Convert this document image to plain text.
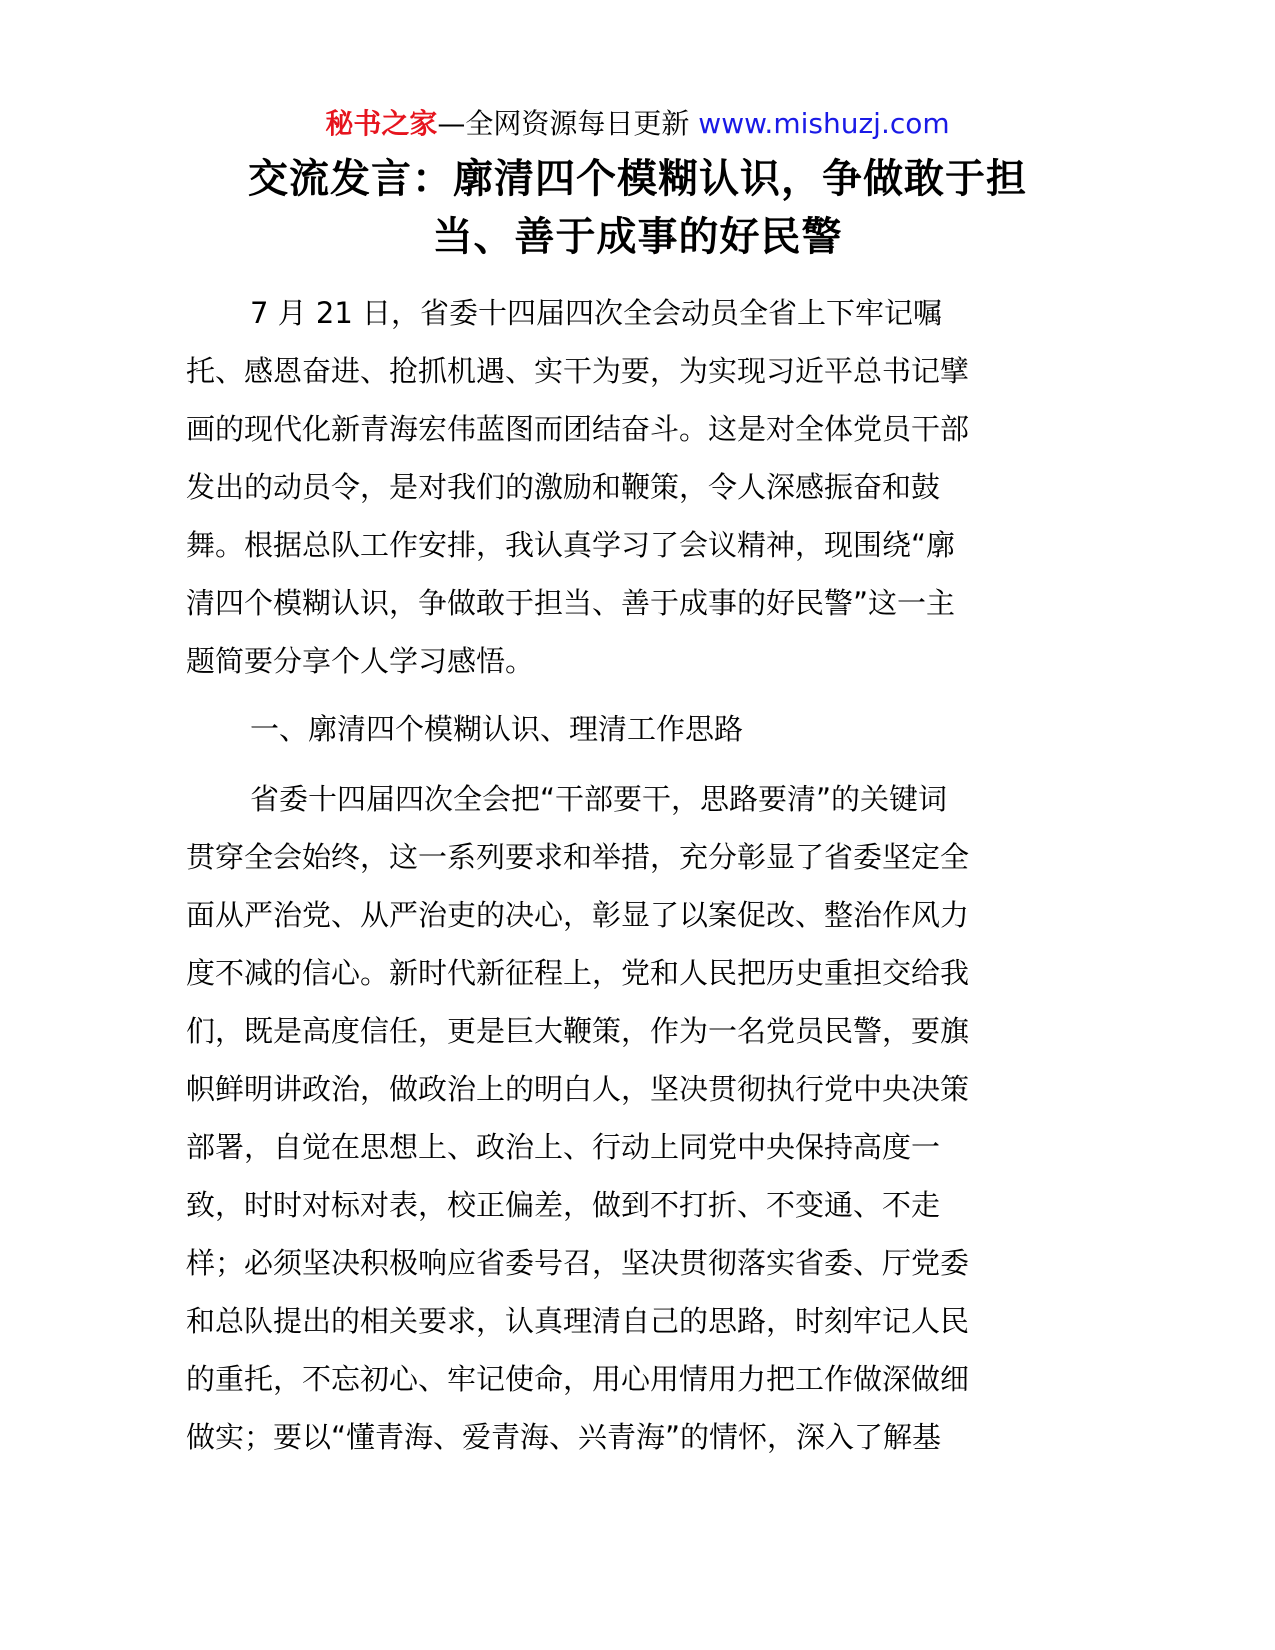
秘书之家—全网资源每日更新 www.mishuzj.com
交流发言：廓清四个模糊认识，争做敢于担
当、善于成事的好民警
7 月 21 日，省委十四届四次全会动员全省上下牢记嘱
托、感恩奋进、抢抓机遇、实干为要，为实现习近平总书记擘
画的现代化新青海宏伟蓝图而团结奋斗。这是对全体党员干部
发出的动员令，是对我们的激励和鞭策，令人深感振奋和鼓
舞。根据总队工作安排，我认真学习了会议精神，现围绕“廓
清四个模糊认识，争做敢于担当、善于成事的好民警”这一主
题简要分享个人学习感悟。
一、廓清四个模糊认识、理清工作思路
省委十四届四次全会把“干部要干，思路要清”的关键词
贯穿全会始终，这一系列要求和举措，充分彰显了省委坚定全
面从严治党、从严治吏的决心，彰显了以案促改、整治作风力
度不减的信心。新时代新征程上，党和人民把历史重担交给我
们，既是高度信任，更是巨大鞭策，作为一名党员民警，要旗
帜鲜明讲政治，做政治上的明白人，坚决贯彻执行党中央决策
部署，自觉在思想上、政治上、行动上同党中央保持高度一
致，时时对标对表，校正偏差，做到不打折、不变通、不走
样；必须坚决积极响应省委号召，坚决贯彻落实省委、厅党委
和总队提出的相关要求，认真理清自己的思路，时刻牢记人民
的重托，不忘初心、牢记使命，用心用情用力把工作做深做细
做实；要以“懂青海、爱青海、兴青海”的情怀，深入了解基
